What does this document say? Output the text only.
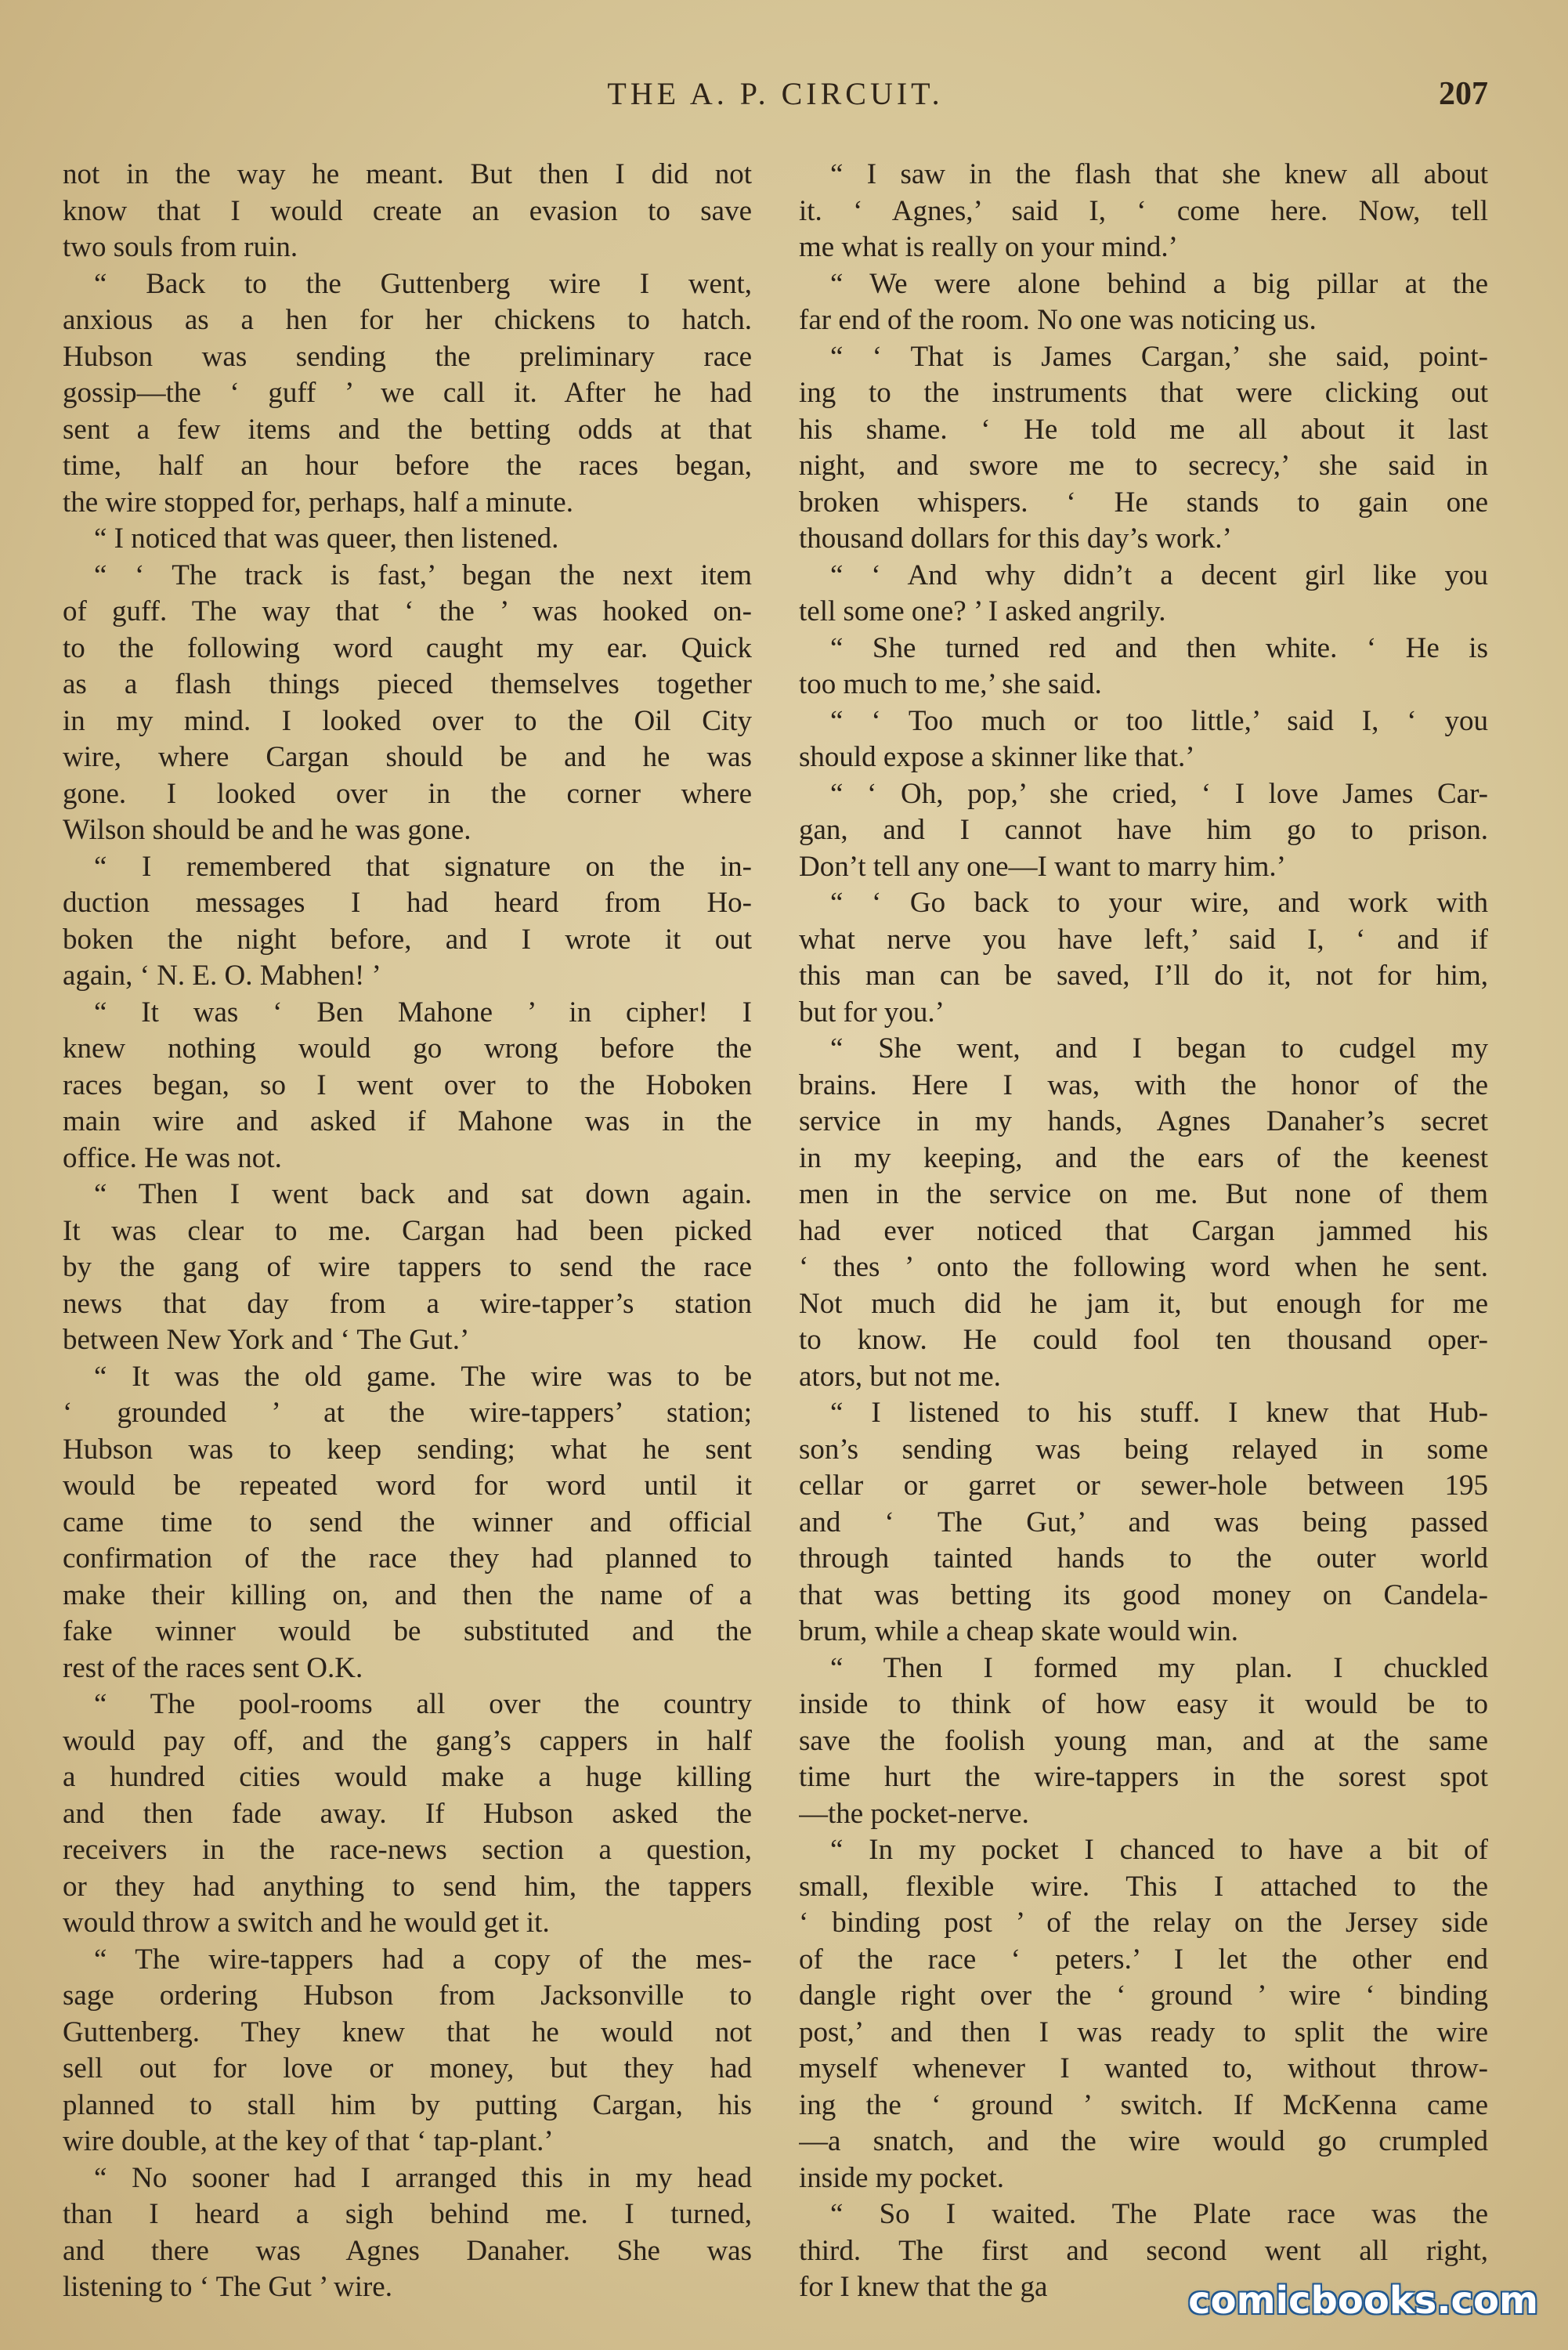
THE A. P. CIRCUIT.	207
not in the way he meant. But then I did not
know that I would create an evasion to save
two souls from ruin.
“ Back to the Guttenberg wire I went,
anxious as a hen for her chickens to hatch.
Hubson was sending the preliminary race
gossip—the ‘ guff ’ we call it. After he had
sent a few items and the betting odds at that
time, half an hour before the races began,
the wire stopped for, perhaps, half a minute.
“ I noticed that was queer, then listened.
“ ‘ The track is fast,’ began the next item
of guff. The way that ‘ the ’ was hooked on-
to the following word caught my ear. Quick
as a flash things pieced themselves together
in my mind. I looked over to the Oil City
wire, where Cargan should be and he was
gone. I looked over in the corner where
Wilson should be and he was gone.
“ I remembered that signature on the in-
duction messages I had heard from Ho-
boken the night before, and I wrote it out
again, ‘ N. E. O. Mabhen! ’
“ It was ‘ Ben Mahone ’ in cipher! I
knew nothing would go wrong before the
races began, so I went over to the Hoboken
main wire and asked if Mahone was in the
office. He was not.
“ Then I went back and sat down again.
It was clear to me. Cargan had been picked
by the gang of wire tappers to send the race
news that day from a wire-tapper’s station
between New York and ‘ The Gut.’
“ It was the old game. The wire was to be
‘ grounded ’ at the wire-tappers’ station;
Hubson was to keep sending; what he sent
would be repeated word for word until it
came time to send the winner and official
confirmation of the race they had planned to
make their killing on, and then the name of a
fake winner would be substituted and the
rest of the races sent O.K.
“ The pool-rooms all over the country
would pay off, and the gang’s cappers in half
a hundred cities would make a huge killing
and then fade away. If Hubson asked the
receivers in the race-news section a question,
or they had anything to send him, the tappers
would throw a switch and he would get it.
“ The wire-tappers had a copy of the mes-
sage ordering Hubson from Jacksonville to
Guttenberg. They knew that he would not
sell out for love or money, but they had
planned to stall him by putting Cargan, his
wire double, at the key of that ‘ tap-plant.’
“ No sooner had I arranged this in my head
than I heard a sigh behind me. I turned,
and there was Agnes Danaher. She was
listening to ‘ The Gut ’ wire.
“ I saw in the flash that she knew all about
it. ‘ Agnes,’ said I, ‘ come here. Now, tell
me what is really on your mind.’
“ We were alone behind a big pillar at the
far end of the room. No one was noticing us.
“ ‘ That is James Cargan,’ she said, point-
ing to the instruments that were clicking out
his shame. ‘ He told me all about it last
night, and swore me to secrecy,’ she said in
broken whispers. ‘ He stands to gain one
thousand dollars for this day’s work.’
“ ‘ And why didn’t a decent girl like you
tell some one? ’ I asked angrily.
“ She turned red and then white. ‘ He is
too much to me,’ she said.
“ ‘ Too much or too little,’ said I, ‘ you
should expose a skinner like that.’
“ ‘ Oh, pop,’ she cried, ‘ I love James Car-
gan, and I cannot have him go to prison.
Don’t tell any one—I want to marry him.’
“ ‘ Go back to your wire, and work with
what nerve you have left,’ said I, ‘ and if
this man can be saved, I’ll do it, not for him,
but for you.’
“ She went, and I began to cudgel my
brains. Here I was, with the honor of the
service in my hands, Agnes Danaher’s secret
in my keeping, and the ears of the keenest
men in the service on me. But none of them
had ever noticed that Cargan jammed his
‘ thes ’ onto the following word when he sent.
Not much did he jam it, but enough for me
to know. He could fool ten thousand oper-
ators, but not me.
“ I listened to his stuff. I knew that Hub-
son’s sending was being relayed in some
cellar or garret or sewer-hole between 195
and ‘ The Gut,’ and was being passed
through tainted hands to the outer world
that was betting its good money on Candela-
brum, while a cheap skate would win.
“ Then I formed my plan. I chuckled
inside to think of how easy it would be to
save the foolish young man, and at the same
time hurt the wire-tappers in the sorest spot
—the pocket-nerve.
“ In my pocket I chanced to have a bit of
small, flexible wire. This I attached to the
‘ binding post ’ of the relay on the Jersey side
of the race ‘ peters.’ I let the other end
dangle right over the ‘ ground ’ wire ‘ binding
post,’ and then I was ready to split the wire
myself whenever I wanted to, without throw-
ing the ‘ ground ’ switch. If McKenna came
—a snatch, and the wire would go crumpled
inside my pocket.
“ So I waited. The Plate race was the
third. The first and second went all right,
for I knew that the ga	comicbooks.com
